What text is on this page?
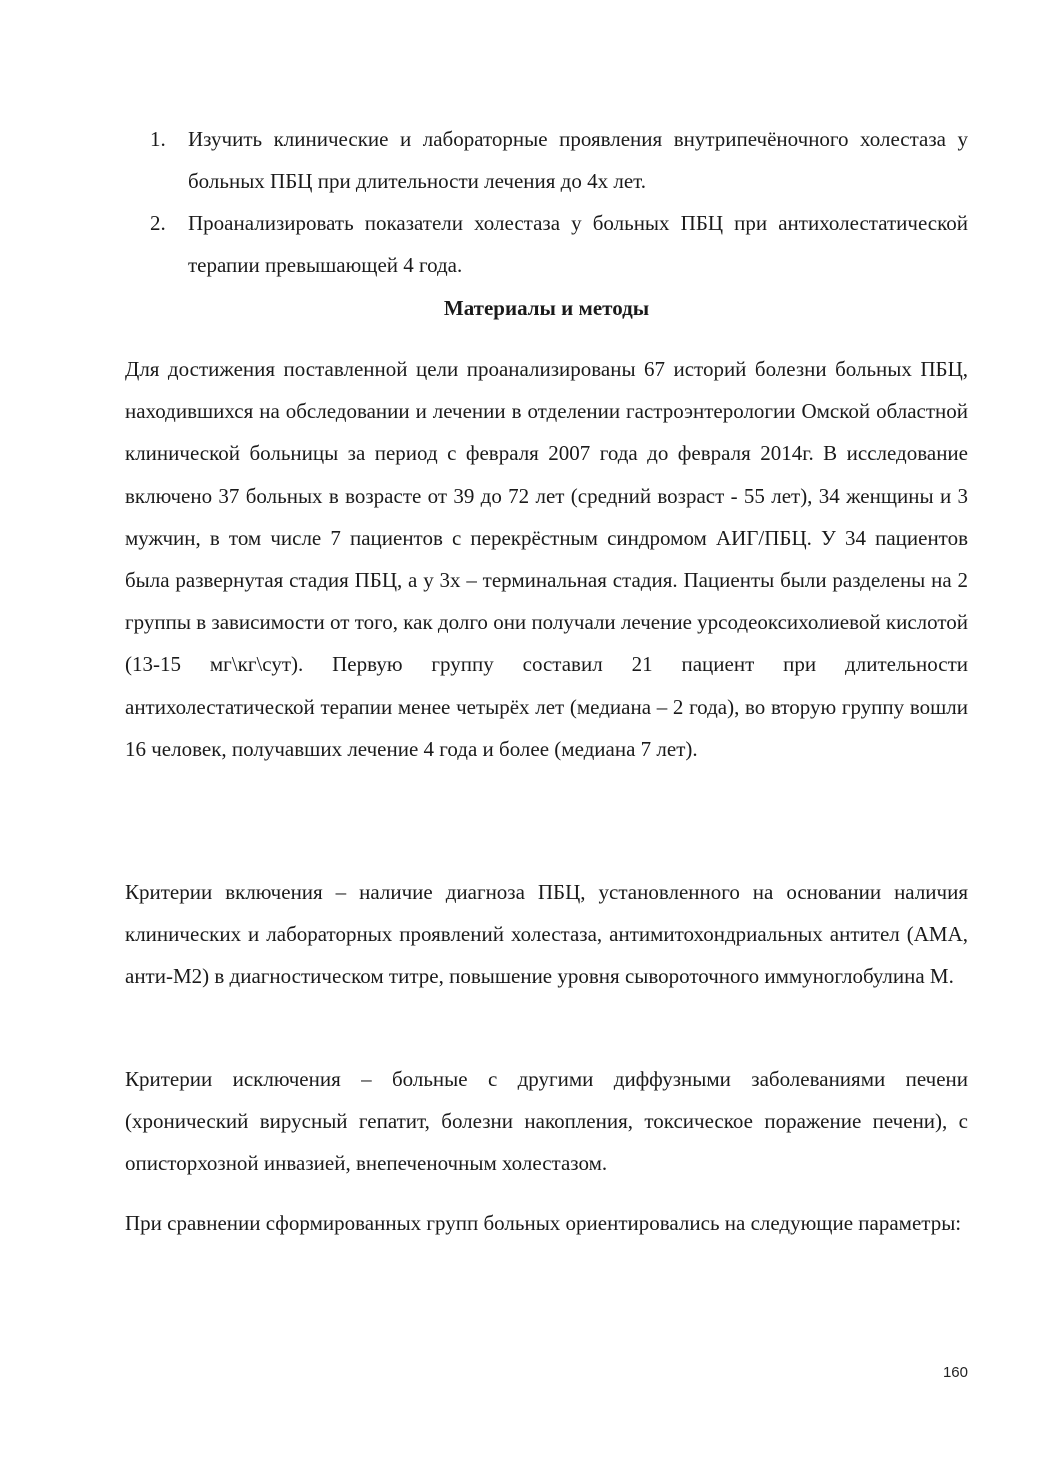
1.	Изучить клинические и лабораторные проявления внутрипечёночного холестаза у больных ПБЦ при длительности лечения до 4х лет.
2.	Проанализировать показатели холестаза у больных ПБЦ при антихолестатической терапии превышающей 4 года.
Материалы и методы

Для достижения поставленной цели проанализированы 67 историй болезни больных ПБЦ, находившихся на обследовании и лечении в отделении гастроэнтерологии Омской областной клинической больницы за период с февраля 2007 года до февраля 2014г. В исследование включено 37 больных в возрасте от 39 до 72 лет (средний возраст - 55 лет), 34 женщины и 3 мужчин, в том числе 7 пациентов с перекрёстным синдромом АИГ/ПБЦ. У 34 пациентов была развернутая стадия ПБЦ, а у 3х – терминальная стадия. Пациенты были разделены на 2 группы в зависимости от того, как долго они получали лечение урсодеоксихолиевой кислотой (13-15 мг\кг\сут). Первую группу составил 21 пациент при длительности антихолестатической терапии менее четырёх лет (медиана – 2 года), во вторую группу вошли 16 человек, получавших лечение 4 года и более (медиана 7 лет).

Критерии включения – наличие диагноза ПБЦ, установленного на основании наличия клинических и лабораторных проявлений холестаза, антимитохондриальных антител (АМА, анти-М2) в диагностическом титре, повышение уровня сывороточного иммуноглобулина М.

Критерии исключения – больные с другими диффузными заболеваниями печени (хронический вирусный гепатит, болезни накопления, токсическое поражение печени), с описторхозной инвазией, внепеченочным холестазом.

При сравнении сформированных групп больных ориентировались на следующие параметры:

160
